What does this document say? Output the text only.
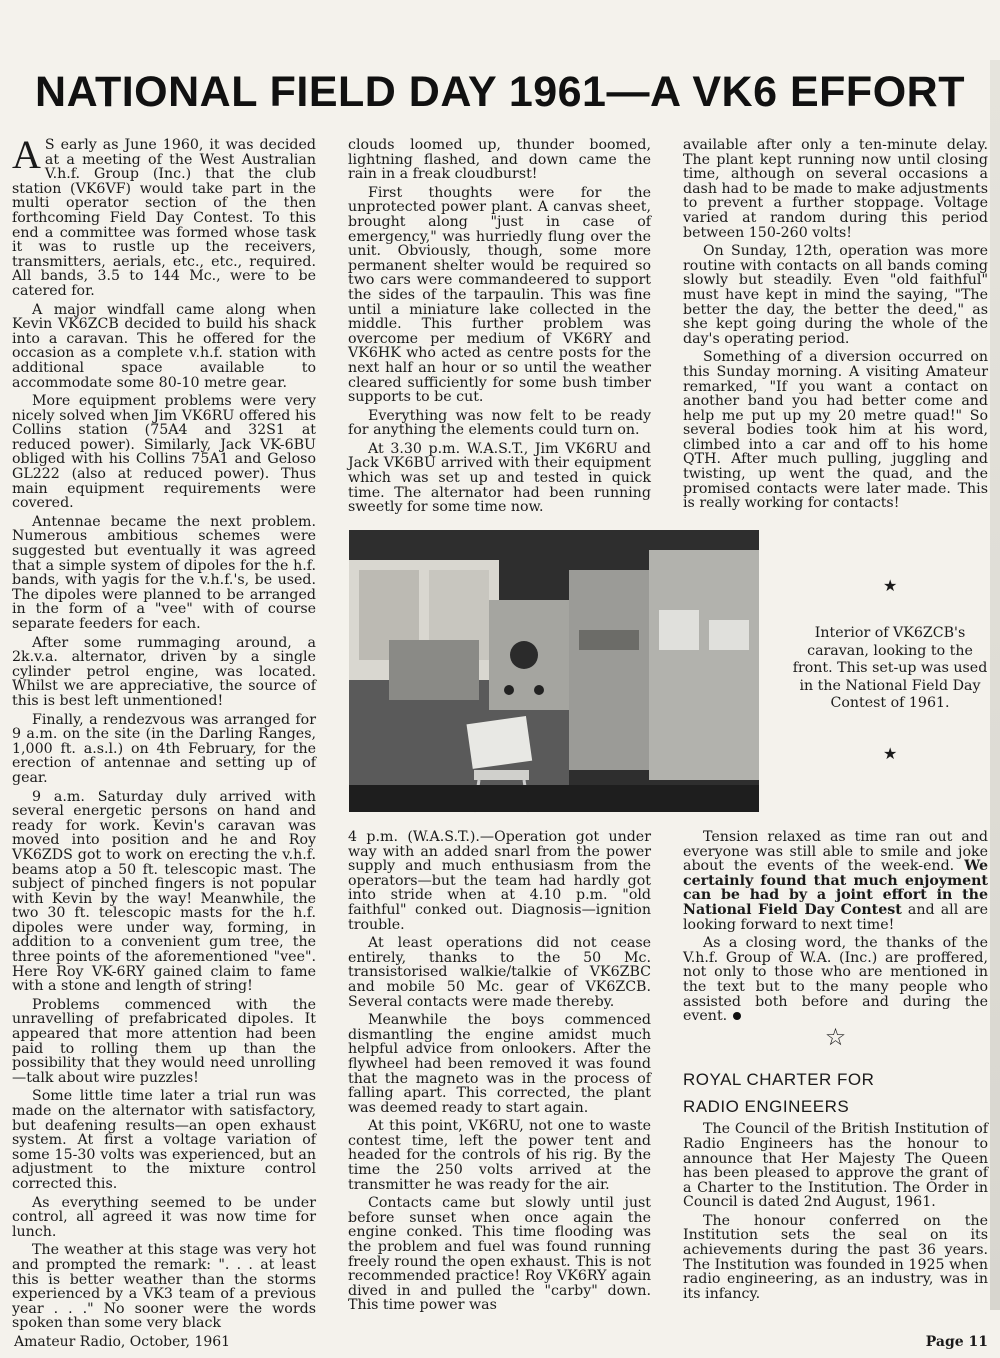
NATIONAL FIELD DAY 1961—A VK6 EFFORT

A S early as June 1960, it was decided at a meeting of the West Australian V.h.f. Group (Inc.) that the club station (VK6VF) would take part in the multi operator section of the then forthcoming Field Day Contest. To this end a committee was formed whose task it was to rustle up the receivers, transmitters, aerials, etc., etc., required. All bands, 3.5 to 144 Mc., were to be catered for.

A major windfall came along when Kevin VK6ZCB decided to build his shack into a caravan. This he offered for the occasion as a complete v.h.f. station with additional space available to accommodate some 80-10 metre gear.

More equipment problems were very nicely solved when Jim VK6RU offered his Collins station (75A4 and 32S1 at reduced power). Similarly, Jack VK-6BU obliged with his Collins 75A1 and Geloso GL222 (also at reduced power). Thus main equipment requirements were covered.

Antennae became the next problem. Numerous ambitious schemes were suggested but eventually it was agreed that a simple system of dipoles for the h.f. bands, with yagis for the v.h.f.'s, be used. The dipoles were planned to be arranged in the form of a "vee" with of course separate feeders for each.

After some rummaging around, a 2k.v.a. alternator, driven by a single cylinder petrol engine, was located. Whilst we are appreciative, the source of this is best left unmentioned!

Finally, a rendezvous was arranged for 9 a.m. on the site (in the Darling Ranges, 1,000 ft. a.s.l.) on 4th February, for the erection of antennae and setting up of gear.

9 a.m. Saturday duly arrived with several energetic persons on hand and ready for work. Kevin's caravan was moved into position and he and Roy VK6ZDS got to work on erecting the v.h.f. beams atop a 50 ft. telescopic mast. The subject of pinched fingers is not popular with Kevin by the way! Meanwhile, the two 30 ft. telescopic masts for the h.f. dipoles were under way, forming, in addition to a convenient gum tree, the three points of the aforementioned "vee". Here Roy VK-6RY gained claim to fame with a stone and length of string!

Problems commenced with the unravelling of prefabricated dipoles. It appeared that more attention had been paid to rolling them up than the possibility that they would need unrolling —talk about wire puzzles!

Some little time later a trial run was made on the alternator with satisfactory, but deafening results—an open exhaust system. At first a voltage variation of some 15-30 volts was experienced, but an adjustment to the mixture control corrected this.

As everything seemed to be under control, all agreed it was now time for lunch.

The weather at this stage was very hot and prompted the remark: ". . . at least this is better weather than the storms experienced by a VK3 team of a previous year . . ." No sooner were the words spoken than some very black

clouds loomed up, thunder boomed, lightning flashed, and down came the rain in a freak cloudburst!

First thoughts were for the unprotected power plant. A canvas sheet, brought along "just in case of emergency," was hurriedly flung over the unit. Obviously, though, some more permanent shelter would be required so two cars were commandeered to support the sides of the tarpaulin. This was fine until a miniature lake collected in the middle. This further problem was overcome per medium of VK6RY and VK6HK who acted as centre posts for the next half an hour or so until the weather cleared sufficiently for some bush timber supports to be cut.

Everything was now felt to be ready for anything the elements could turn on.

At 3.30 p.m. W.A.S.T., Jim VK6RU and Jack VK6BU arrived with their equipment which was set up and tested in quick time. The alternator had been running sweetly for some time now.

available after only a ten-minute delay. The plant kept running now until closing time, although on several occasions a dash had to be made to make adjustments to prevent a further stoppage. Voltage varied at random during this period between 150-260 volts!

On Sunday, 12th, operation was more routine with contacts on all bands coming slowly but steadily. Even "old faithful" must have kept in mind the saying, "The better the day, the better the deed," as she kept going during the whole of the day's operating period.

Something of a diversion occurred on this Sunday morning. A visiting Amateur remarked, "If you want a contact on another band you had better come and help me put up my 20 metre quad!" So several bodies took him at his word, climbed into a car and off to his home QTH. After much pulling, juggling and twisting, up went the quad, and the promised contacts were later made. This is really working for contacts!

★
Interior of VK6ZCB's caravan, looking to the front. This set-up was used in the National Field Day Contest of 1961.
★

4 p.m. (W.A.S.T.).—Operation got under way with an added snarl from the power supply and much enthusiasm from the operators—but the team had hardly got into stride when at 4.10 p.m. "old faithful" conked out. Diagnosis—ignition trouble.

At least operations did not cease entirely, thanks to the 50 Mc. transistorised walkie/talkie of VK6ZBC and mobile 50 Mc. gear of VK6ZCB. Several contacts were made thereby.

Meanwhile the boys commenced dismantling the engine amidst much helpful advice from onlookers. After the flywheel had been removed it was found that the magneto was in the process of falling apart. This corrected, the plant was deemed ready to start again.

At this point, VK6RU, not one to waste contest time, left the power tent and headed for the controls of his rig. By the time the 250 volts arrived at the transmitter he was ready for the air.

Contacts came but slowly until just before sunset when once again the engine conked. This time flooding was the problem and fuel was found running freely round the open exhaust. This is not recommended practice! Roy VK6RY again dived in and pulled the "carby" down. This time power was

Tension relaxed as time ran out and everyone was still able to smile and joke about the events of the week-end. We certainly found that much enjoyment can be had by a joint effort in the National Field Day Contest and all are looking forward to next time!

As a closing word, the thanks of the V.h.f. Group of W.A. (Inc.) are proffered, not only to those who are mentioned in the text but to the many people who assisted both before and during the event.

☆
ROYAL CHARTER FOR
RADIO ENGINEERS

The Council of the British Institution of Radio Engineers has the honour to announce that Her Majesty The Queen has been pleased to approve the grant of a Charter to the Institution. The Order in Council is dated 2nd August, 1961.

The honour conferred on the Institution sets the seal on its achievements during the past 36 years. The Institution was founded in 1925 when radio engineering, as an industry, was in its infancy.

Amateur Radio, October, 1961	Page 11
